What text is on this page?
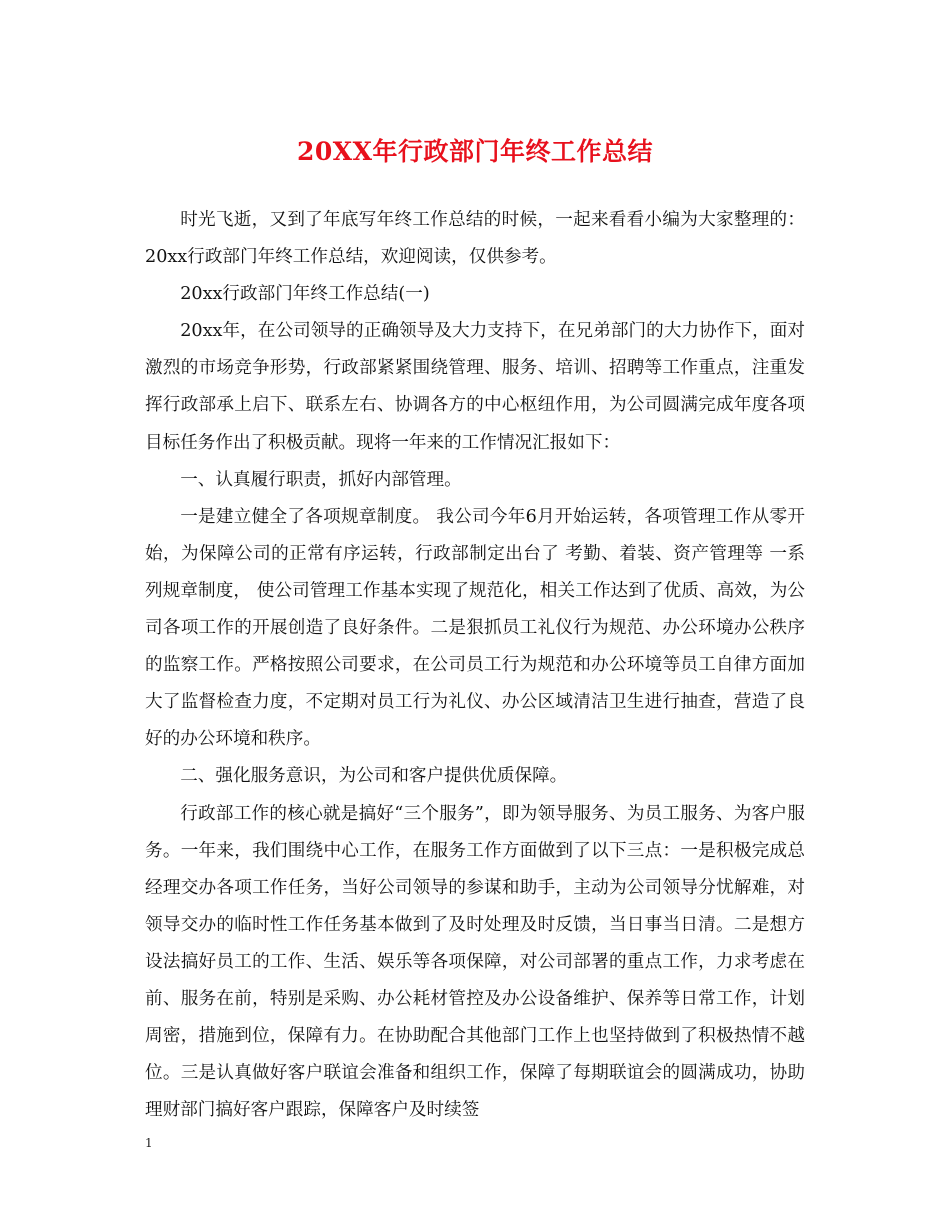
20XX年行政部门年终工作总结

时光飞逝，又到了年底写年终工作总结的时候，一起来看看小编为大家整理的：20xx行政部门年终工作总结，欢迎阅读，仅供参考。

20xx行政部门年终工作总结(一)

20xx年，在公司领导的正确领导及大力支持下，在兄弟部门的大力协作下，面对激烈的市场竞争形势，行政部紧紧围绕管理、服务、培训、招聘等工作重点，注重发挥行政部承上启下、联系左右、协调各方的中心枢纽作用，为公司圆满完成年度各项目标任务作出了积极贡献。现将一年来的工作情况汇报如下：

一、认真履行职责，抓好内部管理。

一是建立健全了各项规章制度。 我公司今年6月开始运转，各项管理工作从零开始，为保障公司的正常有序运转，行政部制定出台了 考勤、着装、资产管理等 一系列规章制度， 使公司管理工作基本实现了规范化，相关工作达到了优质、高效，为公司各项工作的开展创造了良好条件。二是狠抓员工礼仪行为规范、办公环境办公秩序的监察工作。严格按照公司要求，在公司员工行为规范和办公环境等员工自律方面加大了监督检查力度，不定期对员工行为礼仪、办公区域清洁卫生进行抽查，营造了良好的办公环境和秩序。

二、强化服务意识，为公司和客户提供优质保障。

行政部工作的核心就是搞好“三个服务”，即为领导服务、为员工服务、为客户服务。一年来，我们围绕中心工作，在服务工作方面做到了以下三点：一是积极完成总经理交办各项工作任务，当好公司领导的参谋和助手，主动为公司领导分忧解难，对领导交办的临时性工作任务基本做到了及时处理及时反馈，当日事当日清。二是想方设法搞好员工的工作、生活、娱乐等各项保障，对公司部署的重点工作，力求考虑在前、服务在前，特别是采购、办公耗材管控及办公设备维护、保养等日常工作，计划周密，措施到位，保障有力。在协助配合其他部门工作上也坚持做到了积极热情不越位。三是认真做好客户联谊会准备和组织工作，保障了每期联谊会的圆满成功，协助理财部门搞好客户跟踪，保障客户及时续签

1
